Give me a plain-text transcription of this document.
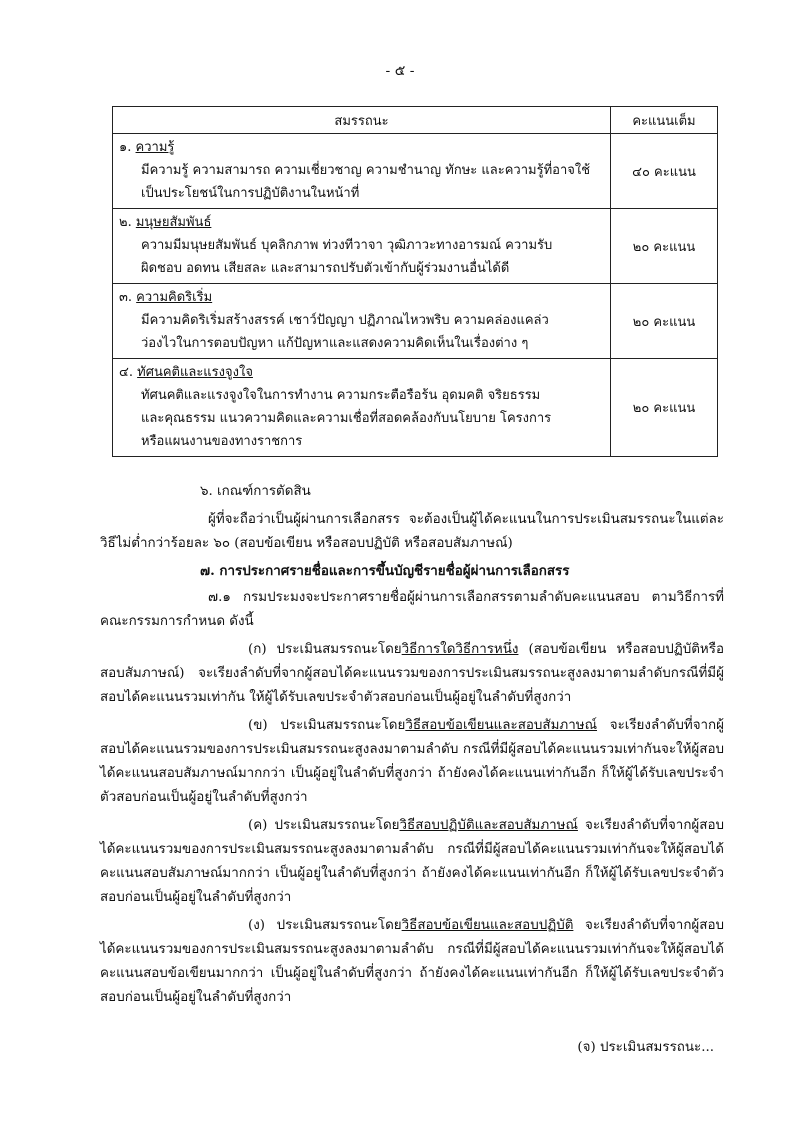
- ๕ -
สมรรถนะ	คะแนนเต็ม

๑. ความรู้
มีความรู้ ความสามารถ ความเชี่ยวชาญ ความชำนาญ ทักษะ และความรู้ที่อาจใช้
เป็นประโยชน์ในการปฏิบัติงานในหน้าที่	๔๐ คะแนน

๒. มนุษยสัมพันธ์
ความมีมนุษยสัมพันธ์ บุคลิกภาพ ท่วงทีวาจา วุฒิภาวะทางอารมณ์ ความรับ
ผิดชอบ อดทน เสียสละ และสามารถปรับตัวเข้ากับผู้ร่วมงานอื่นได้ดี	๒๐ คะแนน

๓. ความคิดริเริ่ม
มีความคิดริเริ่มสร้างสรรค์ เชาว์ปัญญา ปฏิภาณไหวพริบ ความคล่องแคล่ว
ว่องไวในการตอบปัญหา แก้ปัญหาและแสดงความคิดเห็นในเรื่องต่าง ๆ	๒๐ คะแนน

๔. ทัศนคติและแรงจูงใจ
ทัศนคติและแรงจูงใจในการทำงาน ความกระตือรือร้น อุดมคติ จริยธรรม
และคุณธรรม แนวความคิดและความเชื่อที่สอดคล้องกับนโยบาย โครงการ
หรือแผนงานของทางราชการ	๒๐ คะแนน

๖. เกณฑ์การตัดสิน

ผู้ที่จะถือว่าเป็นผู้ผ่านการเลือกสรร จะต้องเป็นผู้ได้คะแนนในการประเมินสมรรถนะในแต่ละวิธีไม่ต่ำกว่าร้อยละ ๖๐ (สอบข้อเขียน หรือสอบปฏิบัติ หรือสอบสัมภาษณ์)

๗. การประกาศรายชื่อและการขึ้นบัญชีรายชื่อผู้ผ่านการเลือกสรร

๗.๑ กรมประมงจะประกาศรายชื่อผู้ผ่านการเลือกสรรตามลำดับคะแนนสอบ ตามวิธีการที่คณะกรรมการกำหนด ดังนี้

(ก) ประเมินสมรรถนะโดยวิธีการใดวิธีการหนึ่ง (สอบข้อเขียน หรือสอบปฏิบัติหรือสอบสัมภาษณ์) จะเรียงลำดับที่จากผู้สอบได้คะแนนรวมของการประเมินสมรรถนะสูงลงมาตามลำดับกรณีที่มีผู้สอบได้คะแนนรวมเท่ากัน ให้ผู้ได้รับเลขประจำตัวสอบก่อนเป็นผู้อยู่ในลำดับที่สูงกว่า

(ข) ประเมินสมรรถนะโดยวิธีสอบข้อเขียนและสอบสัมภาษณ์ จะเรียงลำดับที่จากผู้สอบได้คะแนนรวมของการประเมินสมรรถนะสูงลงมาตามลำดับ กรณีที่มีผู้สอบได้คะแนนรวมเท่ากันจะให้ผู้สอบได้คะแนนสอบสัมภาษณ์มากกว่า เป็นผู้อยู่ในลำดับที่สูงกว่า ถ้ายังคงได้คะแนนเท่ากันอีก ก็ให้ผู้ได้รับเลขประจำตัวสอบก่อนเป็นผู้อยู่ในลำดับที่สูงกว่า

(ค) ประเมินสมรรถนะโดยวิธีสอบปฏิบัติและสอบสัมภาษณ์ จะเรียงลำดับที่จากผู้สอบได้คะแนนรวมของการประเมินสมรรถนะสูงลงมาตามลำดับ กรณีที่มีผู้สอบได้คะแนนรวมเท่ากันจะให้ผู้สอบได้คะแนนสอบสัมภาษณ์มากกว่า เป็นผู้อยู่ในลำดับที่สูงกว่า ถ้ายังคงได้คะแนนเท่ากันอีก ก็ให้ผู้ได้รับเลขประจำตัวสอบก่อนเป็นผู้อยู่ในลำดับที่สูงกว่า

(ง) ประเมินสมรรถนะโดยวิธีสอบข้อเขียนและสอบปฏิบัติ จะเรียงลำดับที่จากผู้สอบได้คะแนนรวมของการประเมินสมรรถนะสูงลงมาตามลำดับ กรณีที่มีผู้สอบได้คะแนนรวมเท่ากันจะให้ผู้สอบได้คะแนนสอบข้อเขียนมากกว่า เป็นผู้อยู่ในลำดับที่สูงกว่า ถ้ายังคงได้คะแนนเท่ากันอีก ก็ให้ผู้ได้รับเลขประจำตัวสอบก่อนเป็นผู้อยู่ในลำดับที่สูงกว่า

(จ) ประเมินสมรรถนะ...
